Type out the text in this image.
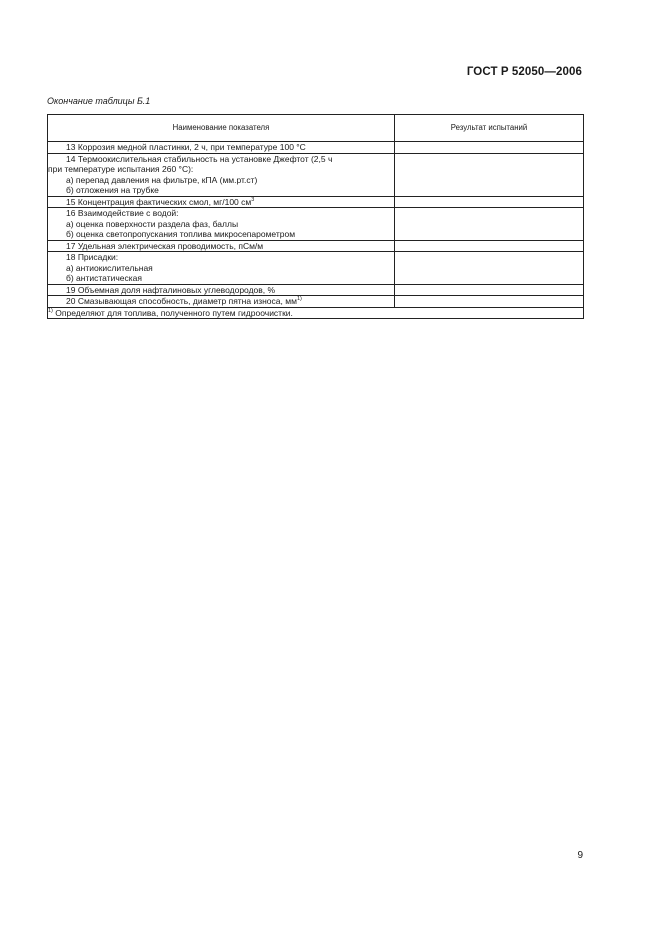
ГОСТ Р 52050—2006
Окончание таблицы Б.1
Наименование показателя	Результат испытаний

13 Коррозия медной пластинки, 2 ч, при температуре 100 °С	

14 Термоокислительная стабильность на установке Джефтот (2,5 ч
при температуре испытания 260 °С):
а) перепад давления на фильтре, кПА (мм.рт.ст)
б) отложения на трубке	

15 Концентрация фактических смол, мг/100 $см^3$

16 Взаимодействие с водой:
а) оценка поверхности раздела фаз, баллы
б) оценка светопропускания топлива микросепарометром	

17 Удельная электрическая проводимость, пСм/м	

18 Присадки:
а) антиокислительная
б) антистатическая	

19 Объемная доля нафталиновых углеводородов, %	

20 Смазывающая способность, диаметр пятна износа, $мм^{1)}$

$^{1)}$ Определяют для топлива, полученного путем гидроочистки.	
9
